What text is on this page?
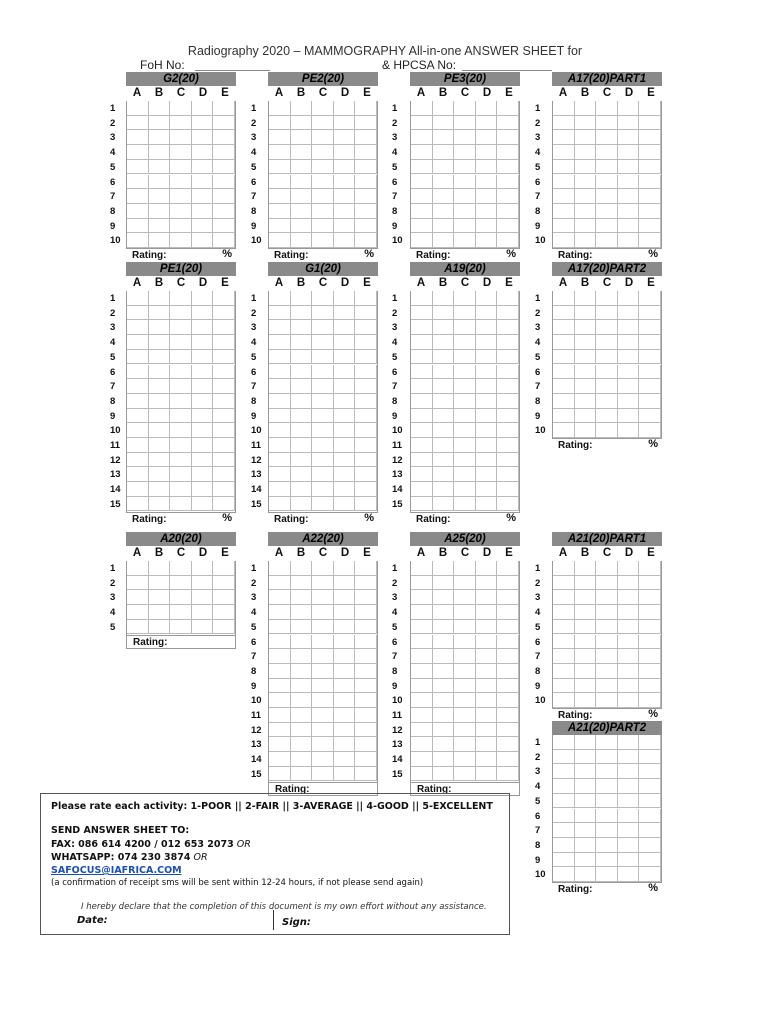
Radiography 2020 – MAMMOGRAPHY All-in-one ANSWER SHEET for
FoH No:	& HPCSA No:
G2(20)
A	B	C	D	E
Rating:	%
1
2
3
4
5
6
7
8
9
10
PE2(20)
A	B	C	D	E
Rating:	%
1
2
3
4
5
6
7
8
9
10
PE3(20)
A	B	C	D	E
Rating:	%
1
2
3
4
5
6
7
8
9
10
A17(20)PART1
A	B	C	D	E
Rating:	%
1
2
3
4
5
6
7
8
9
10
PE1(20)
A	B	C	D	E
Rating:	%
1
2
3
4
5
6
7
8
9
10
11
12
13
14
15
G1(20)
A	B	C	D	E
Rating:	%
1
2
3
4
5
6
7
8
9
10
11
12
13
14
15
A19(20)
A	B	C	D	E
Rating:	%
1
2
3
4
5
6
7
8
9
10
11
12
13
14
15
A17(20)PART2
A	B	C	D	E
Rating:	%
1
2
3
4
5
6
7
8
9
10
A20(20)
A	B	C	D	E
Rating:
1
2
3
4
5
A22(20)
A	B	C	D	E
Rating:
1
2
3
4
5
6
7
8
9
10
11
12
13
14
15
A25(20)
A	B	C	D	E
Rating:
1
2
3
4
5
6
7
8
9
10
11
12
13
14
15
A21(20)PART1
A	B	C	D	E
Rating:	%
1
2
3
4
5
6
7
8
9
10
A21(20)PART2
Rating:	%
1
2
3
4
5
6
7
8
9
10
Please rate each activity: 1-POOR || 2-FAIR || 3-AVERAGE || 4-GOOD || 5-EXCELLENT
SEND ANSWER SHEET TO:
FAX: 086 614 4200 / 012 653 2073 OR
WHATSAPP: 074 230 3874 OR
SAFOCUS@IAFRICA.COM
(a confirmation of receipt sms will be sent within 12-24 hours, if not please send again)
I hereby declare that the completion of this document is my own effort without any assistance.
Date:	Sign:
